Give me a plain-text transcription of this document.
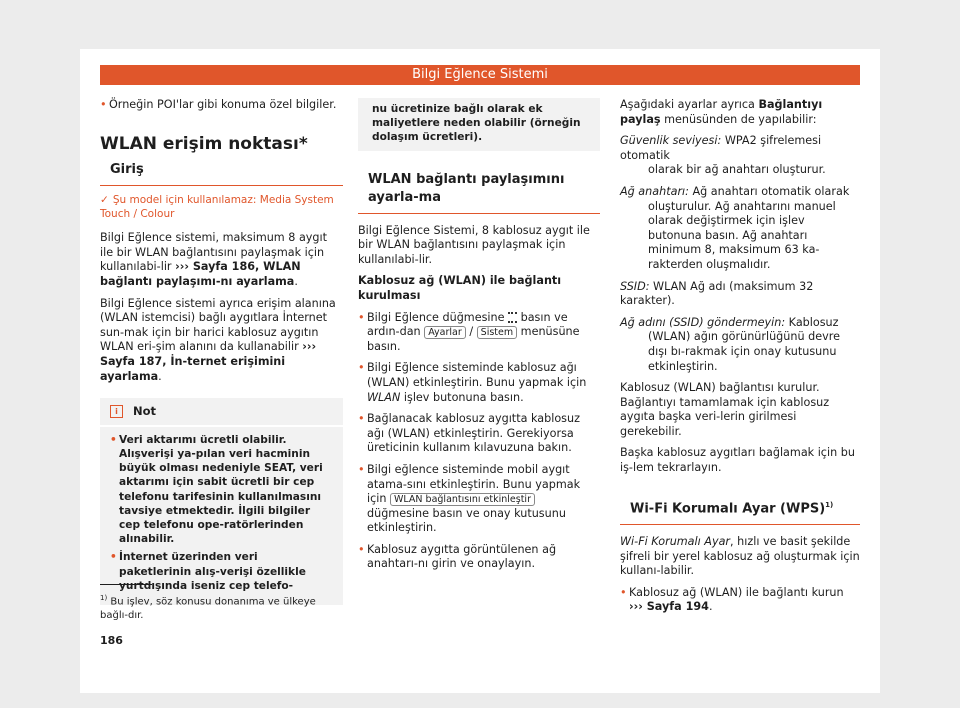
Bilgi Eğlence Sistemi
• Örneğin POI'lar gibi konuma özel bilgiler.
WLAN erişim noktası*
Giriş
✓ Şu model için kullanılamaz: Media System Touch / Colour

Bilgi Eğlence sistemi, maksimum 8 aygıt ile bir WLAN bağlantısını paylaşmak için kullanılabi-lir ››› Sayfa 186, WLAN bağlantı paylaşımı-nı ayarlama.

Bilgi Eğlence sistemi ayrıca erişim alanına (WLAN istemcisi) bağlı aygıtlara İnternet sun-mak için bir harici kablosuz aygıtın WLAN eri-şim alanını da kullanabilir ››› Sayfa 187, İn-ternet erişimini ayarlama.

i	Not
• Veri aktarımı ücretli olabilir. Alışverişi ya-pılan veri hacminin büyük olması nedeniyle SEAT, veri aktarımı için sabit ücretli bir cep telefonu tarifesinin kullanılmasını tavsiye etmektedir. İlgili bilgiler cep telefonu ope-ratörlerinden alınabilir.
• İnternet üzerinden veri paketlerinin alış-verişi özellikle yurtdışında iseniz cep telefo-
$^{1)}$ Bu işlev, söz konusu donanıma ve ülkeye bağlı-dır.
186
nu ücretinize bağlı olarak ek maliyetlere neden olabilir (örneğin dolaşım ücretleri).
WLAN bağlantı paylaşımını ayarla-ma

Bilgi Eğlence Sistemi, 8 kablosuz aygıt ile bir WLAN bağlantısını paylaşmak için kullanılabi-lir.

Kablosuz ağ (WLAN) ile bağlantı kurulması

• Bilgi Eğlence düğmesine  basın ve ardın-dan Ayarlar / Sistem menüsüne basın.
• Bilgi Eğlence sisteminde kablosuz ağı (WLAN) etkinleştirin. Bunu yapmak için WLAN işlev butonuna basın.
• Bağlanacak kablosuz aygıtta kablosuz ağı (WLAN) etkinleştirin. Gerekiyorsa üreticinin kullanım kılavuzuna bakın.
• Bilgi eğlence sisteminde mobil aygıt atama-sını etkinleştirin. Bunu yapmak için WLAN bağlantısını etkinleştir düğmesine basın ve onay kutusunu etkinleştirin.
• Kablosuz aygıtta görüntülenen ağ anahtarı-nı girin ve onaylayın.

Aşağıdaki ayarlar ayrıca Bağlantıyı paylaş menüsünden de yapılabilir:

Güvenlik seviyesi: WPA2 şifrelemesi otomatik
olarak bir ağ anahtarı oluşturur.
Ağ anahtarı: Ağ anahtarı otomatik olarak
oluşturulur. Ağ anahtarını manuel olarak değiştirmek için işlev butonuna basın. Ağ anahtarı minimum 8, maksimum 63 ka-rakterden oluşmalıdır.
SSID: WLAN Ağ adı (maksimum 32 karakter).
Ağ adını (SSID) göndermeyin: Kablosuz
(WLAN) ağın görünürlüğünü devre dışı bı-rakmak için onay kutusunu etkinleştirin.

Kablosuz (WLAN) bağlantısı kurulur. Bağlantıyı tamamlamak için kablosuz aygıta başka veri-lerin girilmesi gerekebilir.

Başka kablosuz aygıtları bağlamak için bu iş-lem tekrarlayın.

Wi-Fi Korumalı Ayar (WPS)$^{1)}$

Wi-Fi Korumalı Ayar, hızlı ve basit şekilde şifreli bir yerel kablosuz ağ oluşturmak için kullanı-labilir.

• Kablosuz ağ (WLAN) ile bağlantı kurun ››› Sayfa 194.
